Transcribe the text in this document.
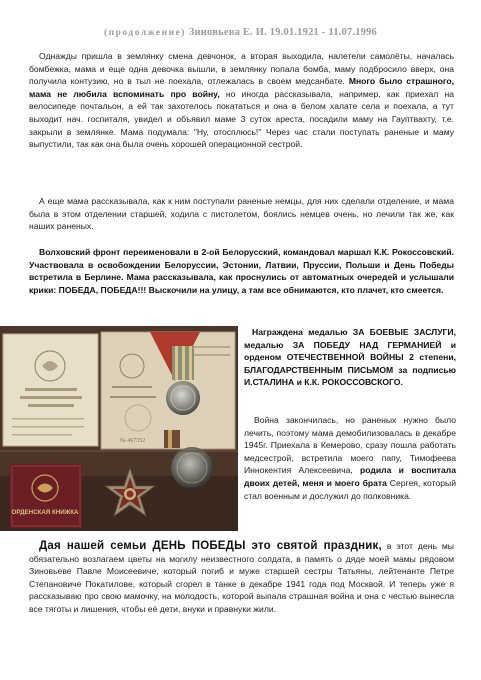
(продолжение) Зиновьева Е. И. 19.01.1921 - 11.07.1996
Однажды пришла в землянку смена девчонок, а вторая выходила, налетели самолёты, началась бомбежка, мама и еще одна девочка вышли, в землянку попала бомба, маму подбросило вверх, она получила контузию, но в тыл не поехала, отлежалась в своем медсанбате. Много было страшного, мама не любила вспоминать про войну, но иногда рассказывала, например, как приехал на велосипеде почтальон, а ей так захотелось покататься и она в белом халате села и поехала, а тут выходит нач. госпиталя, увидел и объявил маме 3 суток ареста, посадили маму на Гауптвахту, т.е. закрыли в землянке. Мама подумала: "Ну, отосплюсь!" Через час стали поступать раненые и маму выпустили, так как она была очень хорошей операционной сестрой.
А еще мама рассказывала, как к ним поступали раненые немцы, для них сделали отделение, и мама была в этом отделении старшей, ходила с пистолетом, боялись немцев очень, но лечили так же, как наших раненых.
Волховский фронт переименовали в 2-ой Белорусский, командовал маршал К.К. Рокоссовский. Участвовала в освобождении Белоруссии, Эстонии, Латвии, Пруссии, Польши и День Победы встретила в Берлине. Мама рассказывала, как проснулись от автоматных очередей и услышали крики: ПОБЕДА, ПОБЕДА!!! Выскочили на улицу, а там все обнимаются, кто плачет, кто смеется.
№ 467352
ОРДЕНСКАЯ КНИЖКА
Награждена медалью ЗА БОЕВЫЕ ЗАСЛУГИ, медалью ЗА ПОБЕДУ НАД ГЕРМАНИЕЙ и орденом ОТЕЧЕСТВЕННОЙ ВОЙНЫ 2 степени, БЛАГОДАРСТВЕННЫМ ПИСЬМОМ за подписью И.СТАЛИНА и К.К. РОКОССОВСКОГО.
Война закончилась, но раненых нужно было лечить, поэтому мама демобилизовалась в декабре 1945г. Приехала в Кемерово, сразу пошла работать медсестрой, встретила моего папу, Тимофеева Иннокентия Алексеевича, родила и воспитала двоих детей, меня и моего брата Сергея, который стал военным и дослужил до полковника.
Дая нашей семьи ДЕНЬ ПОБЕДЫ это святой праздник, в этот день мы обязательно возлагаем цветы на могилу неизвестного солдата, в память о дяде моей мамы рядовом Зиновьеве Павле Моисеевиче, который погиб и муже старшей сестры Татьяны, лейтенанте Петре Степановиче Покатилове, который сгорел в танке в декабре 1941 года под Москвой. И теперь уже я рассказываю про свою мамочку, на молодость, которой выпала страшная война и она с честью вынесла все тяготы и лишения, чтобы её дети, внуки и правнуки жили.
